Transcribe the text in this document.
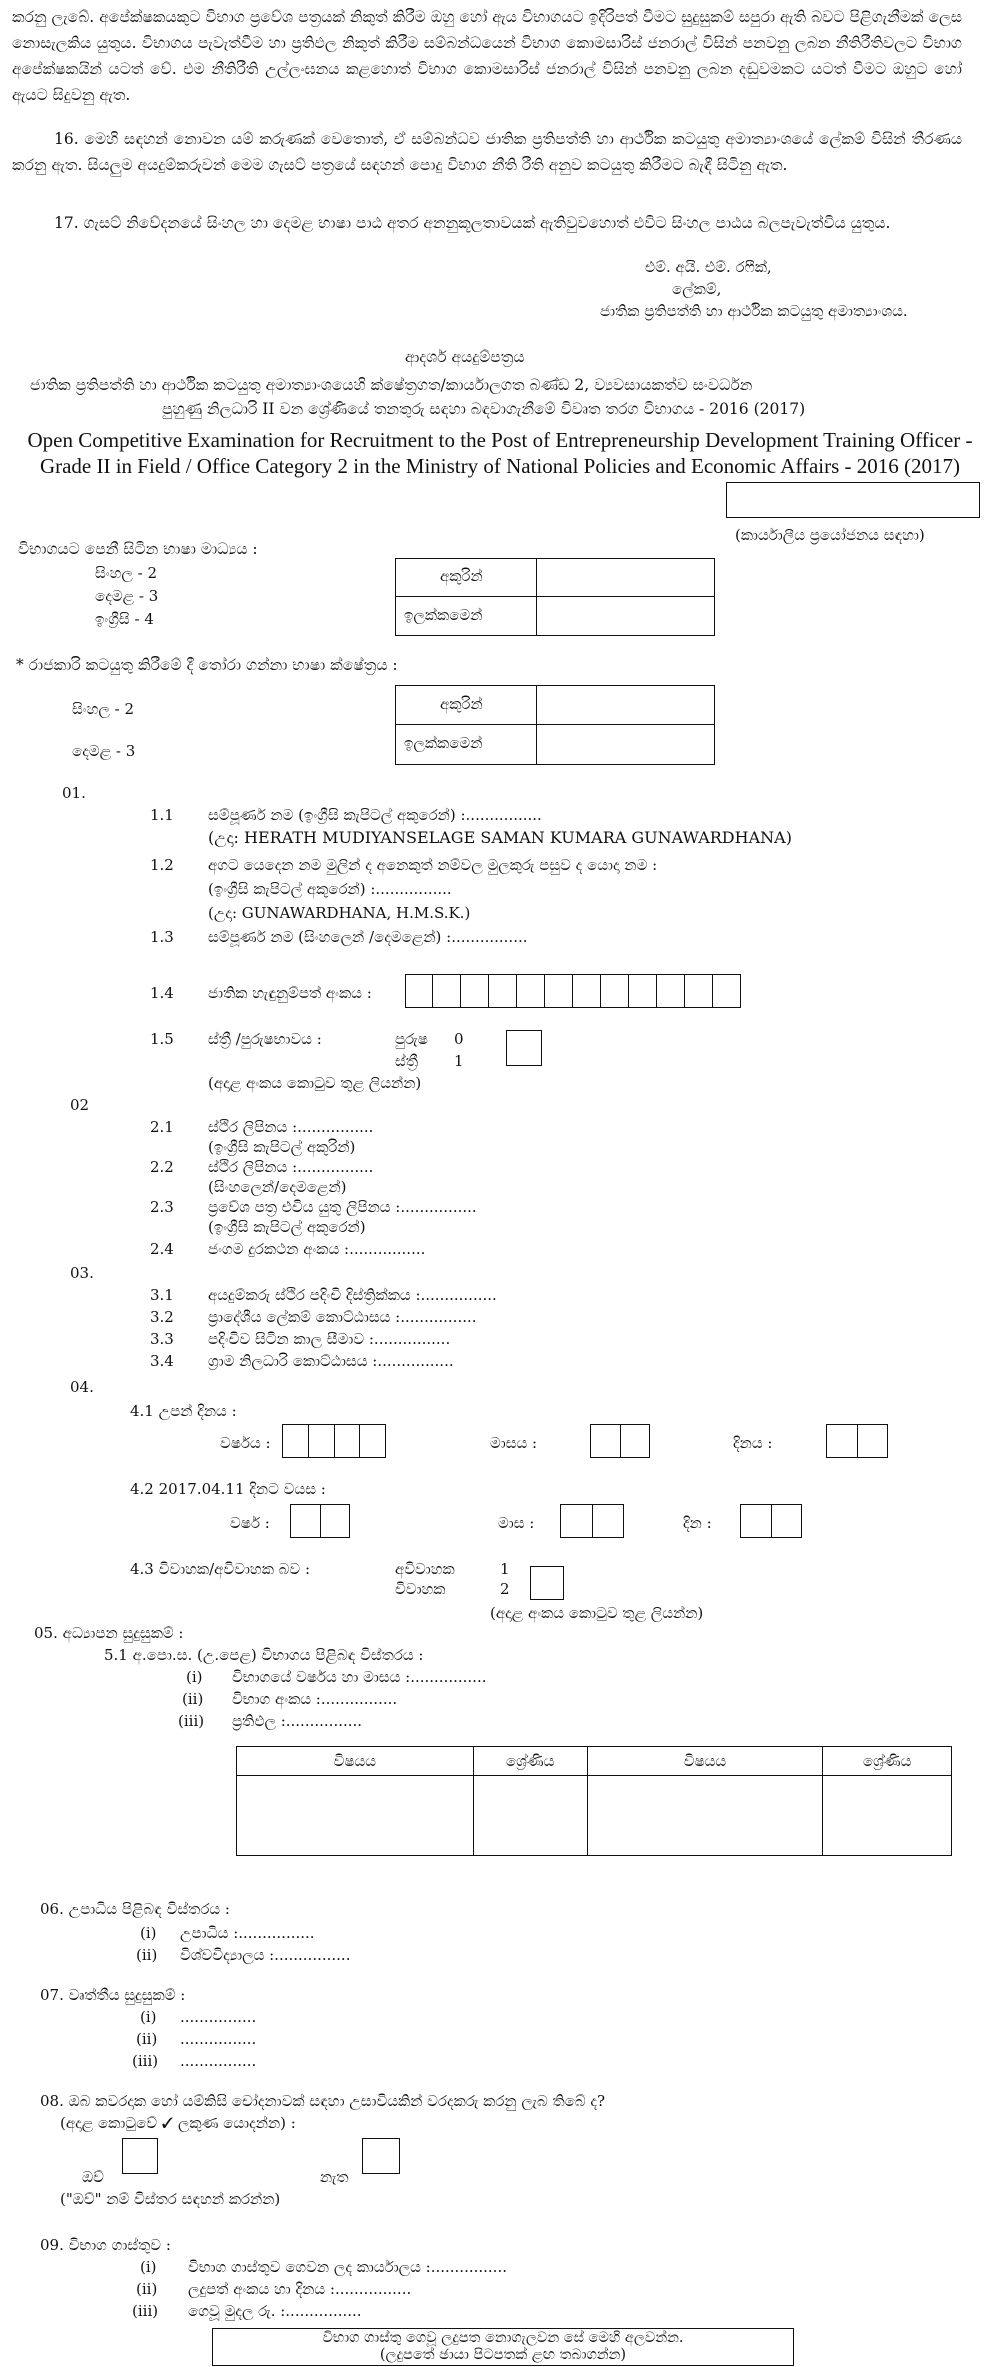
කරනු ලැබේ. අපේක්ෂකයකුට විභාග ප්‍රවේශ පත්‍රයක් නිකුත් කිරීම ඔහු හෝ ඇය විභාගයට ඉදිරිපත් වීමට සුදුසුකම් සපුරා ඇති බවට පිළිගැනීමක් ලෙස නොසැලකිය යුතුය. විභාගය පැවැත්වීම හා ප්‍රතිඵල නිකුත් කිරීම සම්බන්ධයෙන් විභාග කොමසාරිස් ජනරාල් විසින් පනවනු ලබන නීතිරීතිවලට විභාග අපේක්ෂකයින් යටත් වේ. එම නීතිරීති උල්ලංඝනය කළහොත් විභාග කොමසාරිස් ජනරාල් විසින් පනවනු ලබන දඬුවමකට යටත් වීමට ඔහුට හෝ ඇයට සිදුවනු ඇත.
16. මෙහි සඳහන් නොවන යම් කරුණක් වෙතොත්, ඒ සම්බන්ධව ජාතික ප්‍රතිපත්ති හා ආර්ථික කටයුතු අමාත්‍යාංශයේ ලේකම් විසින් තීරණය කරනු ඇත. සියලුම අයදුම්කරුවන් මෙම ගැසට් පත්‍රයේ සඳහන් පොදු විභාග නීති රීති අනුව කටයුතු කිරීමට බැඳී සිටිනු ඇත.
17. ගැසට් නිවේදනයේ සිංහල හා දෙමළ භාෂා පාඨ අතර අනනුකූලතාවයක් ඇතිවුවහොත් එවිට සිංහල පාඨය බලපැවැත්විය යුතුය.
එම්. අයි. එම්. රෆීක්,
ලේකම්,
ජාතික ප්‍රතිපත්ති හා ආර්ථික කටයුතු අමාත්‍යාංශය.
ආදර්ශ අයදුම්පත්‍රය
ජාතික ප්‍රතිපත්ති හා ආර්ථික කටයුතු අමාත්‍යාංශයෙහි ක්ෂේත්‍රගත/කාර්යාලගත බණ්ඩ 2, ව්‍යවසායකත්ව සංවර්ධන
පුහුණු නිලධාරි II වන ශ්‍රේණියේ තනතුරු සඳහා බඳවාගැනීමේ විවෘත තරග විභාගය - 2016 (2017)
Open Competitive Examination for Recruitment to the Post of Entrepreneurship Development Training Officer -
Grade II in Field / Office Category 2 in the Ministry of National Policies and Economic Affairs - 2016 (2017)
(කාර්යාලීය ප්‍රයෝජනය සඳහා)
විභාගයට පෙනී සිටින භාෂා මාධ්‍යය :
සිංහල - 2
දෙමළ - 3
ඉංග්‍රීසි - 4
අකුරින්
ඉලක්කමෙන්
* රාජකාරි කටයුතු කිරීමේ දී තෝරා ගන්නා භාෂා ක්ෂේත්‍රය :
සිංහල - 2
දෙමළ - 3
අකුරින්
ඉලක්කමෙන්
01.
1.1 සම්පූර්ණ නම (ඉංග්‍රීසි කැපිටල් අකුරෙන්) :................
(උදා: HERATH MUDIYANSELAGE SAMAN KUMARA GUNAWARDHANA)
1.2 අගට යෙදෙන නම මුලින් ද අනෙකුත් නම්වල මුලකුරු පසුව ද යොදා නම :
(ඉංග්‍රීසි කැපිටල් අකුරෙන්) :................
(උදා: GUNAWARDHANA, H.M.S.K.)
1.3 සම්පූර්ණ නම (සිංහලෙන් /දෙමළෙන්) :................
1.4 ජාතික හැඳුනුම්පත් අංකය :
1.5 ස්ත්‍රී /පුරුෂභාවය :	පුරුෂ 0
ස්ත්‍රී 1
(අදාළ අංකය කොටුව තුළ ලියන්න)
02
2.1 ස්ථිර ලිපිනය :................
(ඉංග්‍රීසි කැපිටල් අකුරින්)
2.2 ස්ථිර ලිපිනය :................
(සිංහලෙන්/දෙමළෙන්)
2.3 ප්‍රවේශ පත්‍ර එවිය යුතු ලිපිනය :................
(ඉංග්‍රීසි කැපිටල් අකුරෙන්)
2.4 ජංගම දුරකථන අංකය :................
03.
3.1 අයදුම්කරු ස්ථිර පදිංචි දිස්ත්‍රික්කය :................
3.2 ප්‍රාදේශීය ලේකම් කොට්ඨාසය :................
3.3 පදිංචිව සිටින කාල සීමාව :................
3.4 ග්‍රාම නිලධාරි කොට්ඨාසය :................
04.
4.1 උපන් දිනය :
වර්ෂය :	මාසය :	දිනය :
4.2 2017.04.11 දිනට වයස :
වර්ෂ :	මාස :	දින :
4.3 විවාහක/අවිවාහක බව :	අවිවාහක	1
විවාහක	2
(අදාළ අංකය කොටුව තුළ ලියන්න)
05. අධ්‍යාපන සුදුසුකම් :
5.1 අ.පො.ස. (උ.පෙළ) විභාගය පිළිබඳ විස්තරය :
(i) විභාගයේ වර්ෂය හා මාසය :................
(ii) විභාග අංකය :................
(iii) ප්‍රතිඵල :................
විෂයය	ශ්‍රේණිය	විෂයය	ශ්‍රේණිය

06. උපාධිය පිළිබඳ විස්තරය :
(i) උපාධිය :................
(ii) විශ්වවිද්‍යාලය :................
07. වෘත්තීය සුදුසුකම් :
(i) ................
(ii) ................
(iii) ................
08. ඔබ කවරදාක හෝ යම්කිසි චෝදනාවක් සඳහා උසාවියකින් වරදකරු කරනු ලැබ තිබේ ද?
(අදාළ කොටුවේ ✓ ලකුණ යොදන්න) :
ඔව්	නැත
("ඔව්" නම් විස්තර සඳහන් කරන්න)
09. විභාග ගාස්තුව :
(i) විභාග ගාස්තුව ගෙවන ලද කාර්යාලය :................
(ii) ලදුපත් අංකය හා දිනය :................
(iii) ගෙවූ මුදල රු. :................
විභාග ගාස්තු ගෙවූ ලදුපත නොගැලවන සේ මෙහි අලවන්න.
(ලදුපතේ ඡායා පිටපතක් ළඟ තබාගන්න)
